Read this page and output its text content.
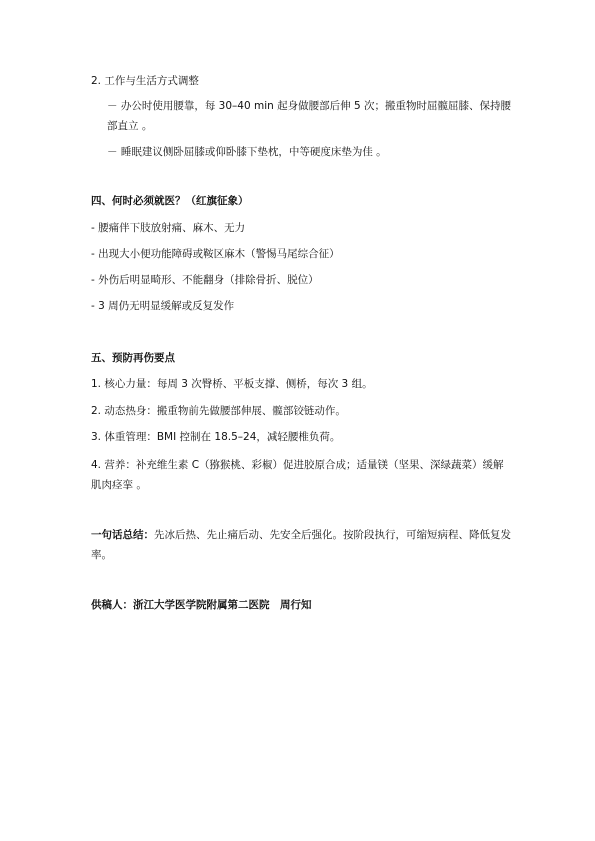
2. 工作与生活方式调整
－ 办公时使用腰靠，每 30–40 min 起身做腰部后伸 5 次；搬重物时屈髋屈膝、保持腰部直立 。
－ 睡眠建议侧卧屈膝或仰卧膝下垫枕，中等硬度床垫为佳 。
四、何时必须就医？（红旗征象）
- 腰痛伴下肢放射痛、麻木、无力
- 出现大小便功能障碍或鞍区麻木（警惕马尾综合征）
- 外伤后明显畸形、不能翻身（排除骨折、脱位）
- 3 周仍无明显缓解或反复发作
五、预防再伤要点
1. 核心力量：每周 3 次臀桥、平板支撑、侧桥，每次 3 组。
2. 动态热身：搬重物前先做腰部伸展、髋部铰链动作。
3. 体重管理：BMI 控制在 18.5–24，减轻腰椎负荷。
4. 营养：补充维生素 C（猕猴桃、彩椒）促进胶原合成；适量镁（坚果、深绿蔬菜）缓解肌肉痉挛 。
一句话总结：先冰后热、先止痛后动、先安全后强化。按阶段执行，可缩短病程、降低复发率。
供稿人：浙江大学医学院附属第二医院　周行知
